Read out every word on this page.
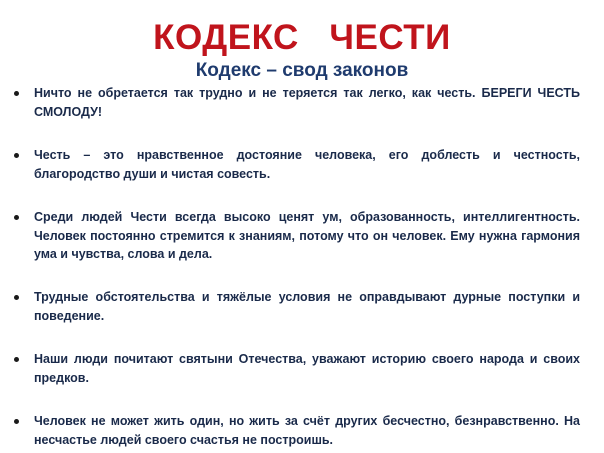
КОДЕКС   ЧЕСТИ
Кодекс – свод законов
Ничто не обретается так трудно и не теряется так легко, как честь. БЕРЕГИ ЧЕСТЬ СМОЛОДУ!
Честь – это нравственное достояние человека, его доблесть и честность, благородство души и чистая совесть.
Среди людей Чести всегда высоко ценят ум, образованность, интеллигентность. Человек постоянно стремится к знаниям, потому что он человек. Ему нужна гармония ума и чувства, слова и дела.
Трудные обстоятельства и тяжёлые условия не оправдывают дурные поступки и поведение.
Наши люди почитают святыни Отечества, уважают историю своего народа и своих предков.
Человек не может жить один, но жить за счёт других бесчестно, безнравственно. На несчастье людей своего счастья не построишь.
